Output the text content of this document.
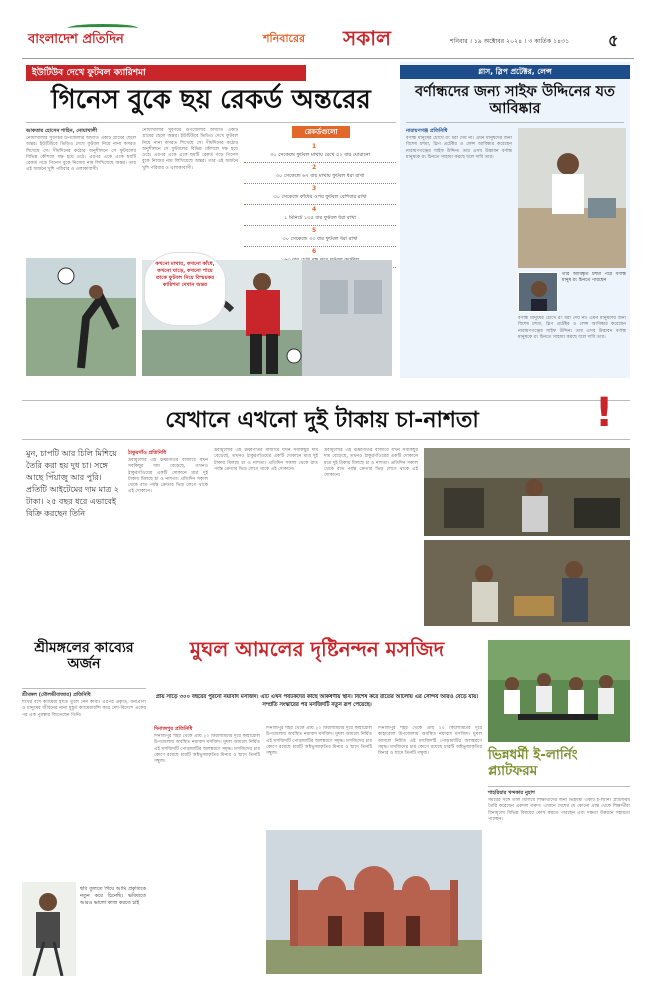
বাংলাদেশ প্রতিদিন	শনিবারের সকাল	শনিবার । ১৯ অক্টোবর ২০২৪ । ৩ কার্তিক ১৪৩১ ৫
ইউটিউব দেখে ফুটবল ক্যারিশমা
গিনেস বুকে ছয় রেকর্ড অন্তরের
আকতার হোসেন শাহিন, নোয়াখালী
নোয়াখালীর সুবর্ণচর উপজেলার অখ্যাত একটি গ্রামের ছেলে অন্তর। ইউটিউবে ভিডিও দেখে ফুটবল নিয়ে নানা কসরত শিখেছে সে। দীর্ঘদিনের কঠোর অনুশীলনে সে ফুটবলের বিভিন্ন কৌশলে দক্ষ হয়ে ওঠে। এরপর একে একে ছয়টি রেকর্ড গড়ে গিনেস বুকে নিজের নাম লিখিয়েছে অন্তর। তার এই অর্জনে খুশি পরিবার ও এলাকাবাসী।
নোয়াখালীর সুবর্ণচর উপজেলার অখ্যাত একটি গ্রামের ছেলে অন্তর। ইউটিউবে ভিডিও দেখে ফুটবল নিয়ে নানা কসরত শিখেছে সে। দীর্ঘদিনের কঠোর অনুশীলনে সে ফুটবলের বিভিন্ন কৌশলে দক্ষ হয়ে ওঠে। এরপর একে একে ছয়টি রেকর্ড গড়ে গিনেস বুকে নিজের নাম লিখিয়েছে অন্তর। তার এই অর্জনে খুশি পরিবার ও এলাকাবাসী।
রেকর্ডগুলো
1
৩০ সেকেন্ডে ফুটবল মাথায় রেখে ৫২ বার ঘোরানো
2
৩০ সেকেন্ডে ৬৭ বার মাথায় ফুটবল ধরা রাখা
3
৩০ সেকেন্ডে কাঁধের ওপর ফুটবল বেশিবার রাখা
4
১ মিনিটে ১৩৫ বার ফুটবল ধরা রাখা
5
৩০ সেকেন্ডে ৩৩ বার ফুটবল ধরা রাখা
6
কখনো মাথায়, কখনো কাঁধে, কখনো ঘাড়ে, কখনো পায়ে তাকে ফুটবল নিয়ে বিস্ময়কর কারিশমা দেখান অন্তর
গ্লাস, স্লিপ প্রটেক্টর, লেন্স
বর্ণান্ধদের জন্য সাইফ উদ্দিনের যত আবিষ্কার
নারায়ণগঞ্জ প্রতিনিধি
বর্ণান্ধ মানুষের চোখে রং ধরা দেয় না। এমন মানুষদের জন্য বিশেষ চশমা, স্লিপ প্রটেক্টর ও লেন্স আবিষ্কার করেছেন নারায়ণগঞ্জের সাইফ উদ্দিন। তার এসব উদ্ভাবন বর্ণান্ধ মানুষকে রং চিনতে সাহায্য করছে বলে দাবি তার।
তার আবিষ্কৃত চশমা পরে বর্ণান্ধ মানুষ রং চিনতে পারছেন
বর্ণান্ধ মানুষের চোখে রং ধরা দেয় না। এমন মানুষদের জন্য বিশেষ চশমা, স্লিপ প্রটেক্টর ও লেন্স আবিষ্কার করেছেন নারায়ণগঞ্জের সাইফ উদ্দিন। তার এসব উদ্ভাবন বর্ণান্ধ মানুষকে রং চিনতে সাহায্য করছে বলে দাবি তার।
যেখানে এখনো দুই টাকায় চা-নাশতা	!
মুন, চাপটি আর চিলি মিশিয়ে তৈরি করা হয় দুধ চা। সঙ্গে আছে পিঁয়াজু আর পুরি। প্রতিটি আইটেমের দাম মাত্র ২ টাকা। ২৫ বছর ধরে এভাবেই বিক্রি করছেন তিনি
ঠাকুরগাঁও প্রতিনিধি
দ্রব্যমূল্যের এই ঊর্ধ্বগতির বাজারে যখন সবকিছুর দাম বেড়েছে, তখনও ঠাকুরগাঁওয়ের একটি দোকানে মাত্র দুই টাকায় মিলছে চা ও নাশতা। প্রতিদিন সকাল থেকে রাত পর্যন্ত ক্রেতার ভিড় লেগে থাকে এই দোকানে।
দ্রব্যমূল্যের এই ঊর্ধ্বগতির বাজারে যখন সবকিছুর দাম বেড়েছে, তখনও ঠাকুরগাঁওয়ের একটি দোকানে মাত্র দুই টাকায় মিলছে চা ও নাশতা। প্রতিদিন সকাল থেকে রাত পর্যন্ত ক্রেতার ভিড় লেগে থাকে এই দোকানে।
দ্রব্যমূল্যের এই ঊর্ধ্বগতির বাজারে যখন সবকিছুর দাম বেড়েছে, তখনও ঠাকুরগাঁওয়ের একটি দোকানে মাত্র দুই টাকায় মিলছে চা ও নাশতা। প্রতিদিন সকাল থেকে রাত পর্যন্ত ক্রেতার ভিড় লেগে থাকে এই দোকানে।
শ্রীমঙ্গলের কাব্যের অর্জন
শ্রীমঙ্গল (মৌলভীবাজার) প্রতিনিধি
শখের বশে ক্যামেরা হাতে তুলে নেন কাব্য। এরপর প্রকৃতি, বন্যপ্রাণী ও মানুষের জীবনের নানা মুহূর্ত ক্যামেরাবন্দি করে দেশ-বিদেশে একের পর এক পুরস্কার জিতেছেন তিনি।
ছবি তুলতে গিয়ে আমি প্রকৃতিকে নতুন করে চিনেছি। ভবিষ্যতে আরও ভালো কাজ করতে চাই
মুঘল আমলের দৃষ্টিনন্দন মসজিদ
প্রায় সাড়ে ৩০০ বছরের পুরনো নয়াবাদ মসজিদ। এটি এখন পর্যটকদের কাছে আকর্ষণীয় স্থান। বিশেষ করে রাতের আলোয় এর সৌন্দর্য আরও বেড়ে যায়। সম্প্রতি সংস্কারের পর মসজিদটি নতুন রূপ পেয়েছে।
দিনাজপুর প্রতিনিধি
দিনাজপুর শহর থেকে প্রায় ২০ কিলোমিটার দূরে কাহারোল উপজেলায় অবস্থিত নয়াবাদ মসজিদ। মুঘল আমলে নির্মিত এই মসজিদটি পোড়ামাটির অলঙ্করণে সমৃদ্ধ। মসজিদের চার কোণে রয়েছে চারটি অষ্টভুজাকৃতির মিনার ও ছাদে তিনটি গম্বুজ।
দিনাজপুর শহর থেকে প্রায় ২০ কিলোমিটার দূরে কাহারোল উপজেলায় অবস্থিত নয়াবাদ মসজিদ। মুঘল আমলে নির্মিত এই মসজিদটি পোড়ামাটির অলঙ্করণে সমৃদ্ধ। মসজিদের চার কোণে রয়েছে চারটি অষ্টভুজাকৃতির মিনার ও ছাদে তিনটি গম্বুজ।
দিনাজপুর শহর থেকে প্রায় ২০ কিলোমিটার দূরে কাহারোল উপজেলায় অবস্থিত নয়াবাদ মসজিদ। মুঘল আমলে নির্মিত এই মসজিদটি পোড়ামাটির অলঙ্করণে সমৃদ্ধ। মসজিদের চার কোণে রয়েছে চারটি অষ্টভুজাকৃতির মিনার ও ছাদে তিনটি গম্বুজ।	ভিন্নধর্মী ই-লার্নিং প্ল্যাটফরম
শাহরিয়ার খন্দকার নুহাশ
সময়ের সঙ্গে তাল মিলিয়ে শিক্ষার্থীদের জন্য ভিন্নধর্মী একটি ই-লার্নিং প্ল্যাটফরম তৈরি করেছেন একদল তরুণ। এখানে দেশের যে কোনো প্রান্ত থেকে শিক্ষার্থীরা বিনামূল্যে বিভিন্ন বিষয়ের কোর্স করতে পারছেন এবং দক্ষতা উন্নয়নে সহায়তা পাচ্ছেন।
